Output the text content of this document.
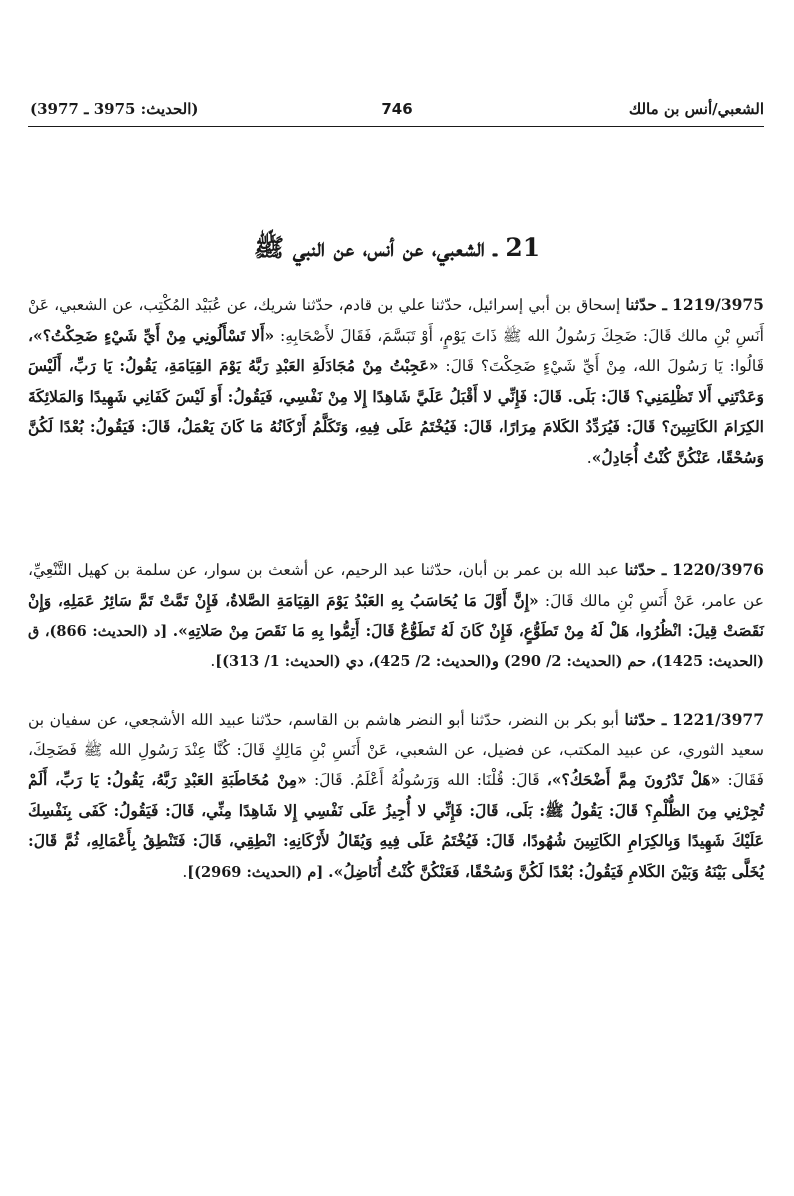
الشعبي/أنس بن مالك
746
(الحديث: 3975 ـ 3977)
21 ـ الشعبي، عن أنس، عن النبي ﷺ

1219/3975 ـ حدّثنا إسحاق بن أبي إسرائيل، حدّثنا علي بن قادم، حدّثنا شريك، عن عُبَيْد المُكْتِب، عن الشعبي، عَنْ أَنَسِ بْنِ مالك قَالَ: ضَحِكَ رَسُولُ الله ﷺ ذَاتَ يَوْمٍ، أَوْ تَبَسَّمَ، فَقَالَ لأَصْحَابِهِ: «أَلا تَسْأَلُونِي مِنْ أَيِّ شَيْءٍ ضَحِكْتُ؟»، قَالُوا: يَا رَسُولَ الله، مِنْ أَيِّ شَيْءٍ ضَحِكْتَ؟ قَالَ: «عَجِبْتُ مِنْ مُجَادَلَةِ العَبْدِ رَبَّهُ يَوْمَ القِيَامَةِ، يَقُولُ: يَا رَبِّ، أَلَيْسَ وَعَدْتَنِي أَلا تَظْلِمَنِي؟ قَالَ: بَلَى. قَالَ: فَإِنِّي لا أَقْبَلُ عَلَيَّ شَاهِدًا إِلا مِنْ نَفْسِي، فَيَقُولُ: أَوَ لَيْسَ كَفَانِي شَهِيدًا وَالمَلائِكَةَ الكِرَامَ الكَاتِبِينَ؟ قَالَ: فَيُرَدِّدُ الكَلامَ مِرَارًا، قَالَ: فَيُخْتَمُ عَلَى فِيهِ، وَتَكَلَّمُ أَرْكَانُهُ مَا كَانَ يَعْمَلُ، قَالَ: فَيَقُولُ: بُعْدًا لَكُنَّ وَسُحْقًا، عَنْكُنَّ كُنْتُ أُجَادِلُ».

1220/3976 ـ حدّثنا عبد الله بن عمر بن أبان، حدّثنا عبد الرحيم، عن أشعث بن سوار، عن سلمة بن كهيل التَّنْعِيِّ، عن عامر، عَنْ أَنَسِ بْنِ مالك قَالَ: «إِنَّ أَوَّلَ مَا يُحَاسَبُ بِهِ العَبْدُ يَوْمَ القِيَامَةِ الصَّلاةُ، فَإِنْ تَمَّتْ تَمَّ سَائِرُ عَمَلِهِ، وَإِنْ نَقَصَتْ قِيلَ: انْظُرُوا، هَلْ لَهُ مِنْ تَطَوُّعٍ، فَإِنْ كَانَ لَهُ تَطَوُّعٌ قَالَ: أَتِمُّوا بِهِ مَا نَقَصَ مِنْ صَلاتِهِ». [د (الحديث: 866)، ق (الحديث: 1425)، حم (الحديث: 2/ 290) و(الحديث: 2/ 425)، دي (الحديث: 1/ 313)].

1221/3977 ـ حدّثنا أبو بكر بن النضر، حدّثنا أبو النضر هاشم بن القاسم، حدّثنا عبيد الله الأشجعي، عن سفيان بن سعيد الثوري، عن عبيد المكتب، عن فضيل، عن الشعبي، عَنْ أَنَسِ بْنِ مَالِكٍ قَالَ: كُنَّا عِنْدَ رَسُولِ الله ﷺ فَضَحِكَ، فَقَالَ: «هَلْ تَدْرُونَ مِمَّ أَضْحَكُ؟»، قَالَ: قُلْنَا: الله وَرَسُولُهُ أَعْلَمُ. قَالَ: «مِنْ مُخَاطَبَةِ العَبْدِ رَبَّهُ، يَقُولُ: يَا رَبِّ، أَلَمْ تُجِرْنِي مِنَ الظُّلْمِ؟ قَالَ: يَقُولُ ﷺ: بَلَى، قَالَ: فَإِنِّي لا أُجِيزُ عَلَى نَفْسِي إِلا شَاهِدًا مِنِّي، قَالَ: فَيَقُولُ: كَفَى بِنَفْسِكَ عَلَيْكَ شَهِيدًا وَبِالكِرَامِ الكَاتِبِينَ شُهُودًا، قَالَ: فَيُخْتَمُ عَلَى فِيهِ وَيُقَالُ لأَرْكَانِهِ: انْطِقِي، قَالَ: فَتَنْطِقُ بِأَعْمَالِهِ، ثُمَّ قَالَ: يُخَلَّى بَيْنَهُ وَبَيْنَ الكَلامِ فَيَقُولُ: بُعْدًا لَكُنَّ وَسُحْقًا، فَعَنْكُنَّ كُنْتُ أُنَاضِلُ». [م (الحديث: 2969)].
